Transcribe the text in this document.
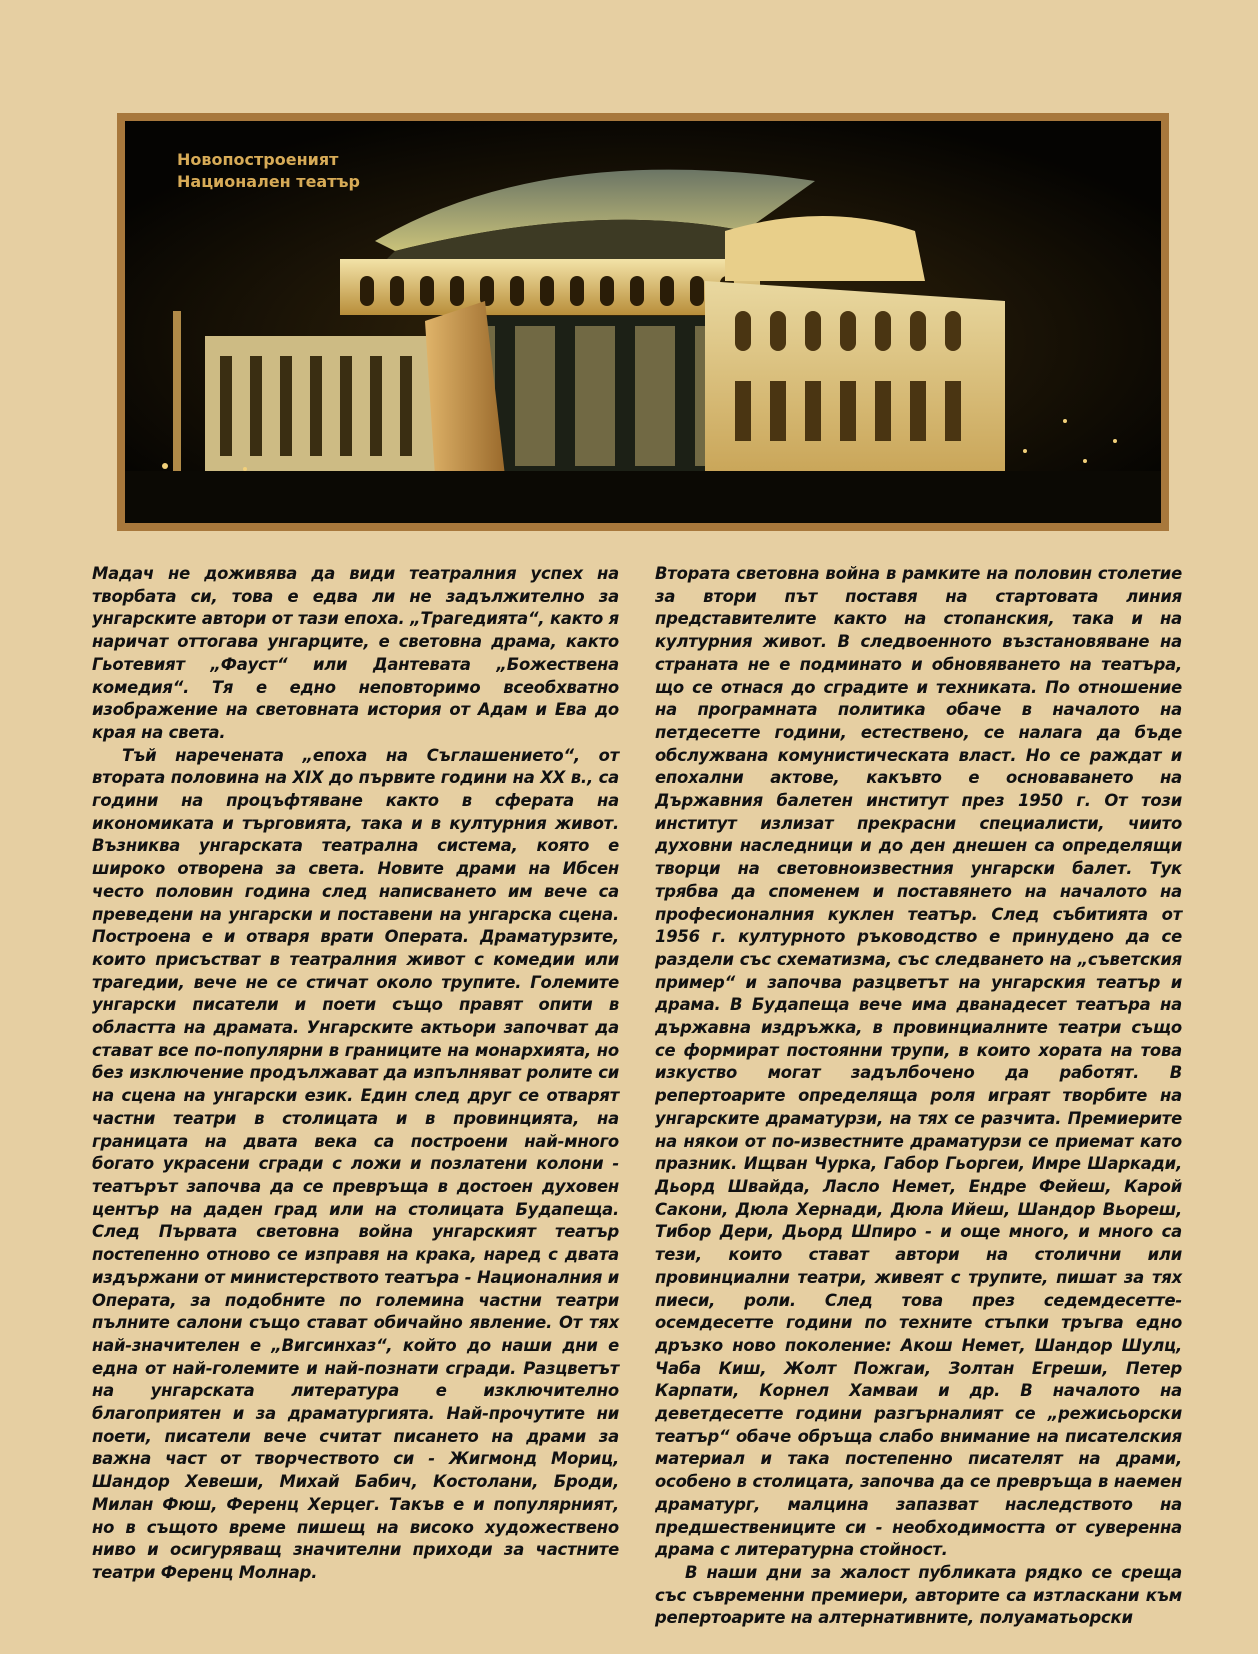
Новопостроеният
Национален театър

Мадач не доживява да види театралния успех на творбата си, това е едва ли не задължително за унгарските автори от тази епоха. „Трагедията“, както я наричат оттогава унгарците, е световна драма, както Гьотевият „Фауст“ или Дантевата „Божествена комедия“. Тя е едно неповторимо всеобхватно изображение на световната история от Адам и Ева до края на света.

Тъй наречената „епоха на Съглашението“, от втората половина на XIX до първите години на XX в., са години на процъфтяване както в сферата на икономиката и търговията, така и в културния живот. Възниква унгарската театрална система, която е широко отворена за света. Новите драми на Ибсен често половин година след написването им вече са преведени на унгарски и поставени на унгарска сцена. Построена е и отваря врати Операта. Драматурзите, които присъстват в театралния живот с комедии или трагедии, вече не се стичат около трупите. Големите унгарски писатели и поети също правят опити в областта на драмата. Унгарските актьори започват да стават все по-популярни в границите на монархията, но без изключение продължават да изпълняват ролите си на сцена на унгарски език. Един след друг се отварят частни театри в столицата и в провинцията, на границата на двата века са построени най-много богато украсени сгради с ложи и позлатени колони - театърът започва да се превръща в достоен духовен център на даден град или на столицата Будапеща. След Първата световна война унгарският театър постепенно отново се изправя на крака, наред с двата издържани от министерството театъра - Националния и Операта, за подобните по големина частни театри пълните салони също стават обичайно явление. От тях най-значителен е „Вигсинхаз“, който до наши дни е една от най-големите и най-познати сгради. Разцветът на унгарската литература е изключително благоприятен и за драматургията. Най-прочутите ни поети, писатели вече считат писането на драми за важна част от творчеството си - Жигмонд Мориц, Шандор Хевеши, Михай Бабич, Костолани, Броди, Милан Фюш, Ференц Херцег. Такъв е и популярният, но в същото време пишещ на високо художествено ниво и осигуряващ значителни приходи за частните театри Ференц Молнар.

Втората световна война в рамките на половин столетие за втори път поставя на стартовата линия представителите както на стопанския, така и на културния живот. В следвоенното възстановяване на страната не е подминато и обновяването на театъра, що се отнася до сградите и техниката. По отношение на програмната политика обаче в началото на петдесетте години, естествено, се налага да бъде обслужвана комунистическата власт. Но се раждат и епохални актове, какъвто е основаването на Държавния балетен институт през 1950 г. От този институт излизат прекрасни специалисти, чиито духовни наследници и до ден днешен са определящи творци на световноизвестния унгарски балет. Тук трябва да споменем и поставянето на началото на професионалния куклен театър. След събитията от 1956 г. културното ръководство е принудено да се раздели със схематизма, със следването на „съветския пример“ и започва разцветът на унгарския театър и драма. В Будапеща вече има дванадесет театъра на държавна издръжка, в провинциалните театри също се формират постоянни трупи, в които хората на това изкуство могат задълбочено да работят. В репертоарите определяща роля играят творбите на унгарските драматурзи, на тях се разчита. Премиерите на някои от по-известните драматурзи се приемат като празник. Ищван Чурка, Габор Гьоргеи, Имре Шаркади, Дьорд Швайда, Ласло Немет, Ендре Фейеш, Карой Сакони, Дюла Хернади, Дюла Ийеш, Шандор Вьореш, Тибор Дери, Дьорд Шпиро - и още много, и много са тези, които стават автори на столични или провинциални театри, живеят с трупите, пишат за тях пиеси, роли. След това през седемдесетте-осемдесетте години по техните стъпки тръгва едно дръзко ново поколение: Акош Немет, Шандор Шулц, Чаба Киш, Жолт Пожгаи, Золтан Егреши, Петер Карпати, Корнел Хамваи и др. В началото на деветдесетте години разгърналият се „режисьорски театър“ обаче обръща слабо внимание на писателския материал и така постепенно писателят на драми, особено в столицата, започва да се превръща в наемен драматург, малцина запазват наследството на предшествениците си - необходимостта от суверенна драма с литературна стойност.

В наши дни за жалост публиката рядко се среща със съвременни премиери, авторите са изтласкани към репертоарите на алтернативните, полуаматьорски
